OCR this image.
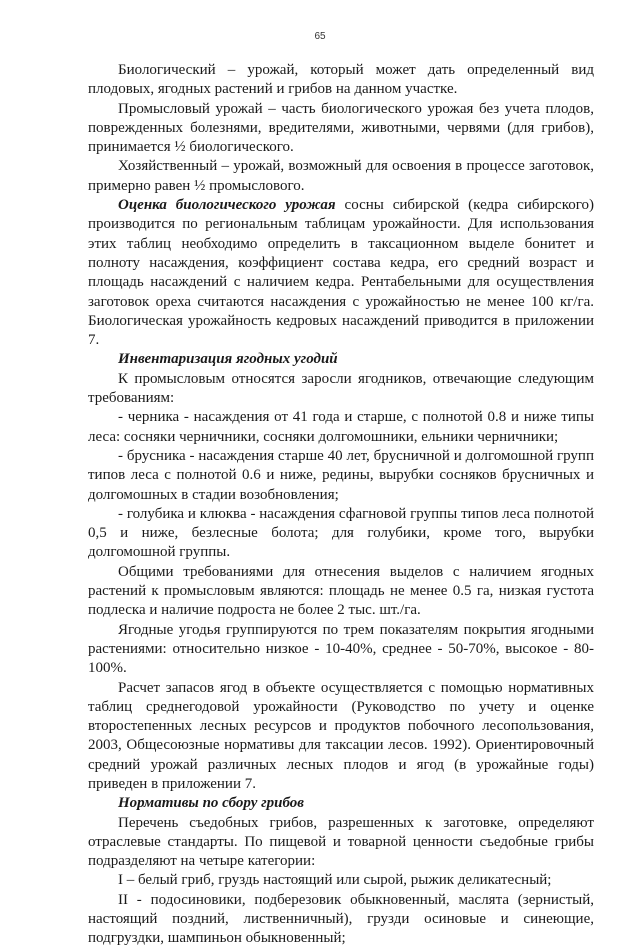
65

Биологический – урожай, который может дать определенный вид плодовых, ягодных растений и грибов на данном участке.

Промысловый урожай – часть биологического урожая без учета плодов, поврежденных болезнями, вредителями, животными, червями (для грибов), принимается ½ биологического.

Хозяйственный – урожай, возможный для освоения в процессе заготовок, примерно равен ½ промыслового.

Оценка биологического урожая сосны сибирской (кедра сибирского) производится по региональным таблицам урожайности. Для использования этих таблиц необходимо определить в таксационном выделе бонитет и полноту насаждения, коэффициент состава кедра, его средний возраст и площадь насаждений с наличием кедра. Рентабельными для осуществления заготовок ореха считаются насаждения с урожайностью не менее 100 кг/га. Биологическая урожайность кедровых насаждений приводится в приложении 7.

Инвентаризация ягодных угодий

К промысловым относятся заросли ягодников, отвечающие следующим требованиям:

- черника - насаждения от 41 года и старше, с полнотой 0.8 и ниже типы леса: сосняки черничники, сосняки долгомошники, ельники черничники;

- брусника - насаждения старше 40 лет, брусничной и долгомошной групп типов леса с полнотой 0.6 и ниже, редины, вырубки сосняков брусничных и долгомошных в стадии возобновления;

- голубика и клюква - насаждения сфагновой группы типов леса полнотой 0,5 и ниже, безлесные болота; для голубики, кроме того, вырубки долгомошной группы.

Общими требованиями для отнесения выделов с наличием ягодных растений к промысловым являются: площадь не менее 0.5 га, низкая густота подлеска и наличие подроста не более 2 тыс. шт./га.

Ягодные угодья группируются по трем показателям покрытия ягодными растениями: относительно низкое - 10-40%, среднее - 50-70%, высокое - 80-100%.

Расчет запасов ягод в объекте осуществляется с помощью нормативных таблиц среднегодовой урожайности (Руководство по учету и оценке второстепенных лесных ресурсов и продуктов побочного лесопользования, 2003, Общесоюзные нормативы для таксации лесов. 1992). Ориентировочный средний урожай различных лесных плодов и ягод (в урожайные годы) приведен в приложении 7.

Нормативы по сбору грибов

Перечень съедобных грибов, разрешенных к заготовке, определяют отраслевые стандарты. По пищевой и товарной ценности съедобные грибы подразделяют на четыре категории:

I – белый гриб, груздь настоящий или сырой, рыжик деликатесный;

II - подосиновики, подберезовик обыкновенный, маслята (зернистый, настоящий поздний, лиственничный), грузди осиновые и синеющие, подгруздки, шампиньон обыкновенный;
